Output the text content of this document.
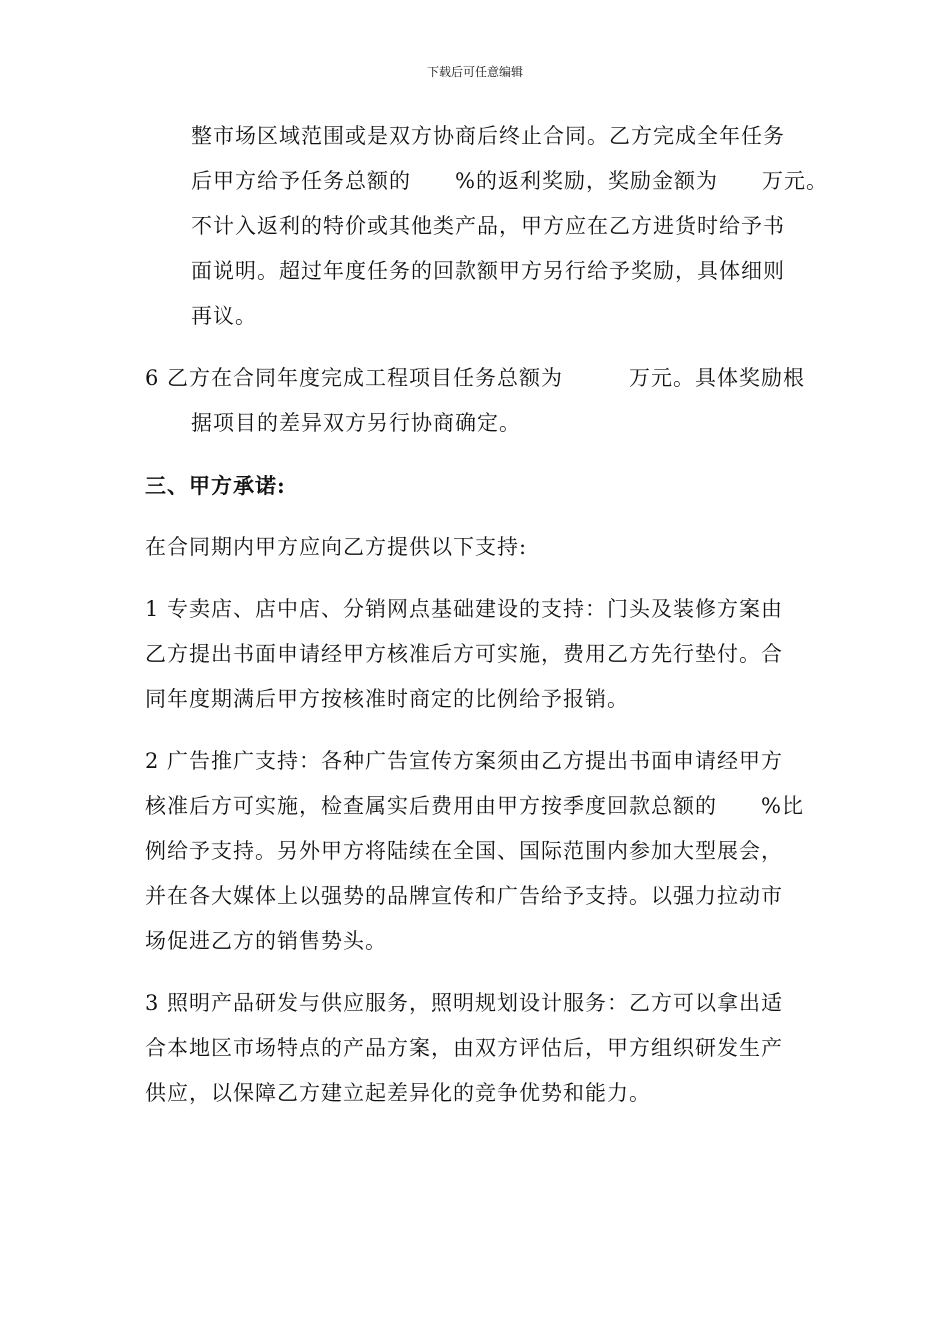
下载后可任意编辑
整市场区域范围或是双方协商后终止合同。乙方完成全年任务
后甲方给予任务总额的　　%的返利奖励，奖励金额为　　万元。
不计入返利的特价或其他类产品，甲方应在乙方进货时给予书
面说明。超过年度任务的回款额甲方另行给予奖励，具体细则
再议。
6 乙方在合同年度完成工程项目任务总额为　　　万元。具体奖励根
据项目的差异双方另行协商确定。
三、甲方承诺:
在合同期内甲方应向乙方提供以下支持:
1 专卖店、店中店、分销网点基础建设的支持：门头及装修方案由
乙方提出书面申请经甲方核准后方可实施，费用乙方先行垫付。合
同年度期满后甲方按核准时商定的比例给予报销。
2 广告推广支持：各种广告宣传方案须由乙方提出书面申请经甲方
核准后方可实施，检查属实后费用由甲方按季度回款总额的　　%比
例给予支持。另外甲方将陆续在全国、国际范围内参加大型展会，
并在各大媒体上以强势的品牌宣传和广告给予支持。以强力拉动市
场促进乙方的销售势头。
3 照明产品研发与供应服务，照明规划设计服务：乙方可以拿出适
合本地区市场特点的产品方案，由双方评估后，甲方组织研发生产
供应，以保障乙方建立起差异化的竞争优势和能力。
